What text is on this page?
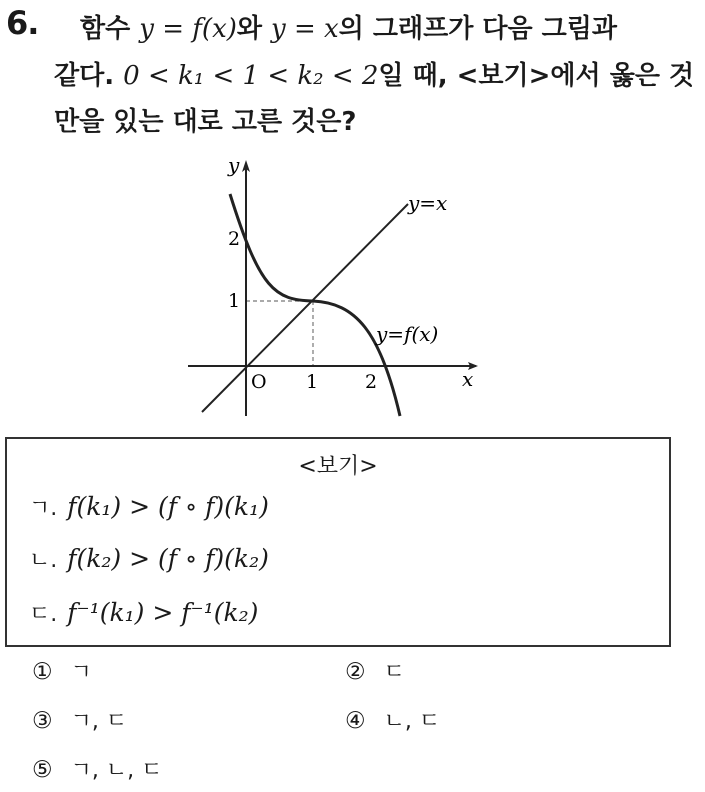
6. 함수 y = f(x)와 y = x의 그래프가 다음 그림과
같다. 0 < k₁ < 1 < k₂ < 2일 때, <보기>에서 옳은 것
만을 있는 대로 고른 것은?
y
x
O 1 2
1
2
y=x
y=f(x)
<보기>
ㄱ. f(k₁) > (f ∘ f)(k₁)
ㄴ. f(k₂) > (f ∘ f)(k₂)
ㄷ. f⁻¹(k₁) > f⁻¹(k₂)
① ㄱ	② ㄷ
③ ㄱ, ㄷ	④ ㄴ, ㄷ
⑤ ㄱ, ㄴ, ㄷ
